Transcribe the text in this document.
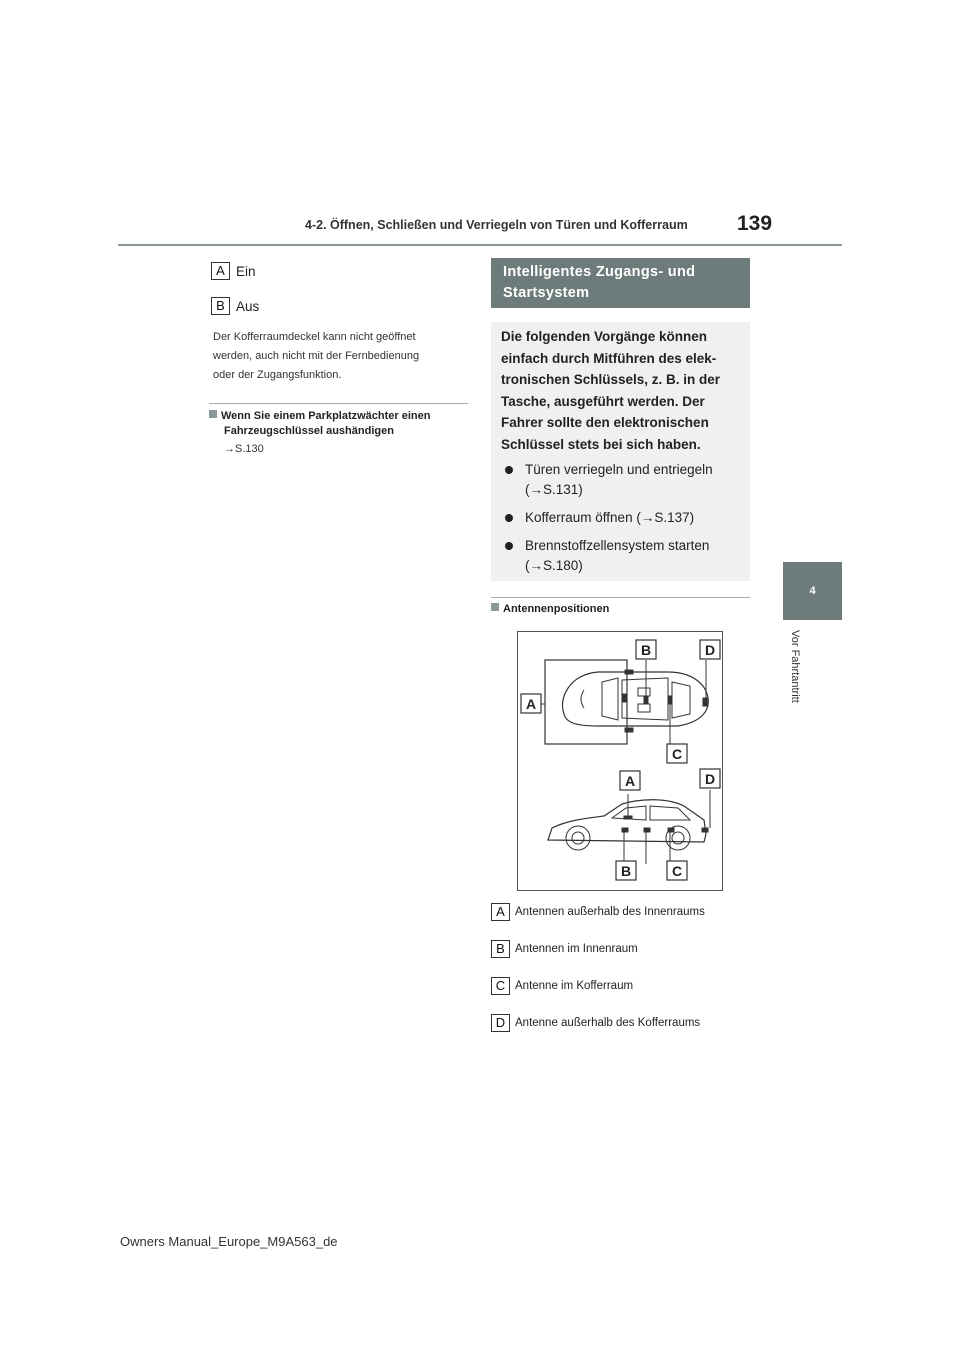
4-2. Öffnen, Schließen und Verriegeln von Türen und Kofferraum 139
4
Vor Fahrtantritt
A Ein
B Aus
Der Kofferraumdeckel kann nicht geöffnet
werden, auch nicht mit der Fernbedienung
oder der Zugangsfunktion.
Wenn Sie einem Parkplatzwächter einen
Fahrzeugschlüssel aushändigen
→S.130
Intelligentes Zugangs- und
Startsystem
Die folgenden Vorgänge können
einfach durch Mitführen des elek-
tronischen Schlüssels, z. B. in der
Tasche, ausgeführt werden. Der
Fahrer sollte den elektronischen
Schlüssel stets bei sich haben.
Türen verriegeln und entriegeln
(→S.131)
Kofferraum öffnen (→S.137)
Brennstoffzellensystem starten
(→S.180)
Antennenpositionen
B	D
A
C
A	D
B	C
A Antennen außerhalb des Innenraums
B Antennen im Innenraum
C Antenne im Kofferraum
D Antenne außerhalb des Kofferraums
Owners Manual_Europe_M9A563_de
